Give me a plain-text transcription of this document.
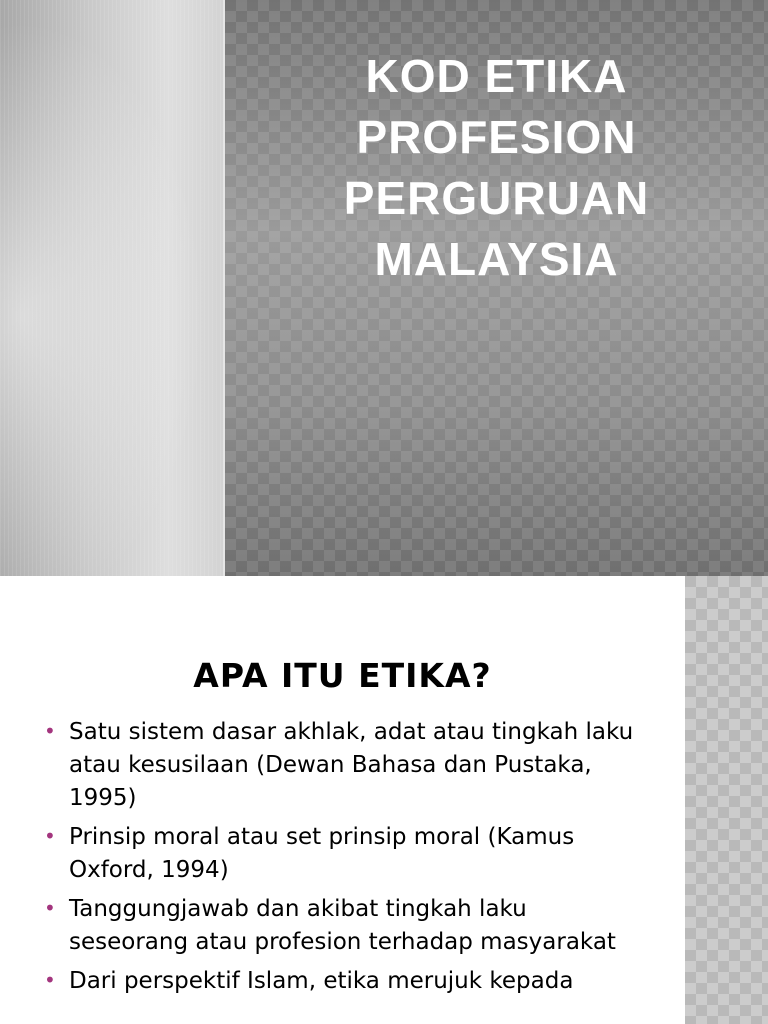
KOD ETIKA
PROFESION
PERGURUAN
MALAYSIA
APA ITU ETIKA?
• Satu sistem dasar akhlak, adat atau tingkah laku atau kesusilaan (Dewan Bahasa dan Pustaka, 1995)
• Prinsip moral atau set prinsip moral (Kamus Oxford, 1994)
• Tanggungjawab dan akibat tingkah laku seseorang atau profesion terhadap masyarakat
• Dari perspektif Islam, etika merujuk kepada
